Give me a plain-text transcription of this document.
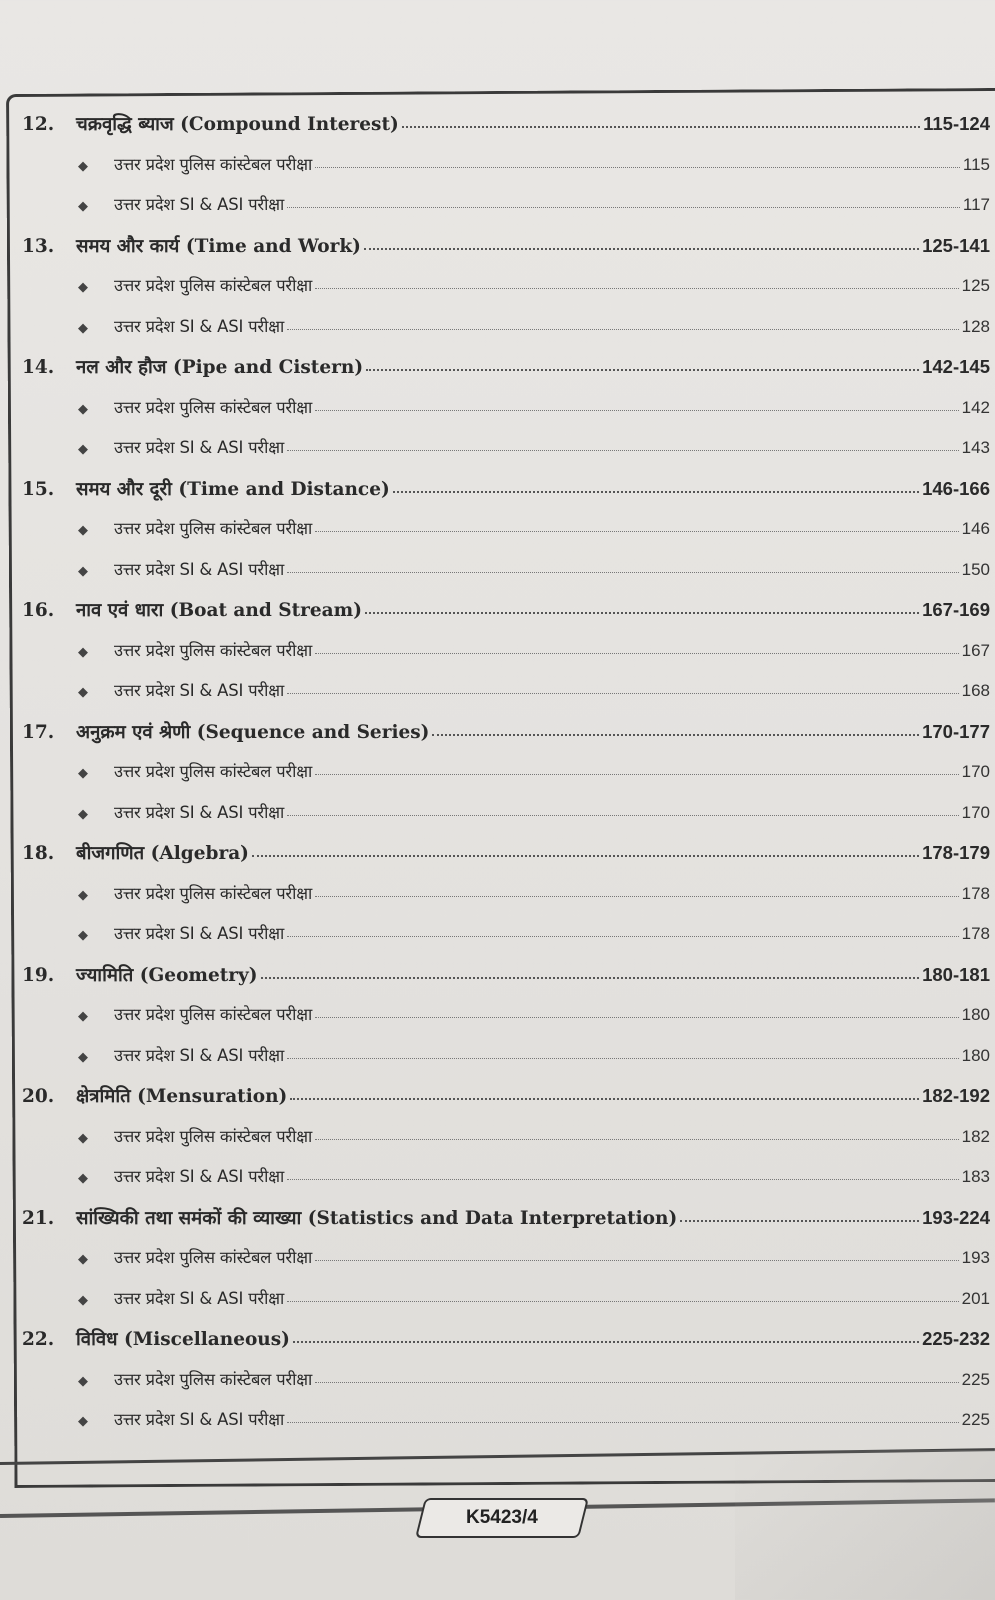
12.	चक्रवृद्धि ब्याज (Compound Interest)	115-124
◆	उत्तर प्रदेश पुलिस कांस्टेबल परीक्षा	115
◆	उत्तर प्रदेश SI & ASI परीक्षा	117
13.	समय और कार्य (Time and Work)	125-141
◆	उत्तर प्रदेश पुलिस कांस्टेबल परीक्षा	125
◆	उत्तर प्रदेश SI & ASI परीक्षा	128
14.	नल और हौज (Pipe and Cistern)	142-145
◆	उत्तर प्रदेश पुलिस कांस्टेबल परीक्षा	142
◆	उत्तर प्रदेश SI & ASI परीक्षा	143
15.	समय और दूरी (Time and Distance)	146-166
◆	उत्तर प्रदेश पुलिस कांस्टेबल परीक्षा	146
◆	उत्तर प्रदेश SI & ASI परीक्षा	150
16.	नाव एवं धारा (Boat and Stream)	167-169
◆	उत्तर प्रदेश पुलिस कांस्टेबल परीक्षा	167
◆	उत्तर प्रदेश SI & ASI परीक्षा	168
17.	अनुक्रम एवं श्रेणी (Sequence and Series)	170-177
◆	उत्तर प्रदेश पुलिस कांस्टेबल परीक्षा	170
◆	उत्तर प्रदेश SI & ASI परीक्षा	170
18.	बीजगणित (Algebra)	178-179
◆	उत्तर प्रदेश पुलिस कांस्टेबल परीक्षा	178
◆	उत्तर प्रदेश SI & ASI परीक्षा	178
19.	ज्यामिति (Geometry)	180-181
◆	उत्तर प्रदेश पुलिस कांस्टेबल परीक्षा	180
◆	उत्तर प्रदेश SI & ASI परीक्षा	180
20.	क्षेत्रमिति (Mensuration)	182-192
◆	उत्तर प्रदेश पुलिस कांस्टेबल परीक्षा	182
◆	उत्तर प्रदेश SI & ASI परीक्षा	183
21.	सांख्यिकी तथा समंकों की व्याख्या (Statistics and Data Interpretation)	193-224
◆	उत्तर प्रदेश पुलिस कांस्टेबल परीक्षा	193
◆	उत्तर प्रदेश SI & ASI परीक्षा	201
22.	विविध (Miscellaneous)	225-232
◆	उत्तर प्रदेश पुलिस कांस्टेबल परीक्षा	225
◆	उत्तर प्रदेश SI & ASI परीक्षा	225
K5423/4
